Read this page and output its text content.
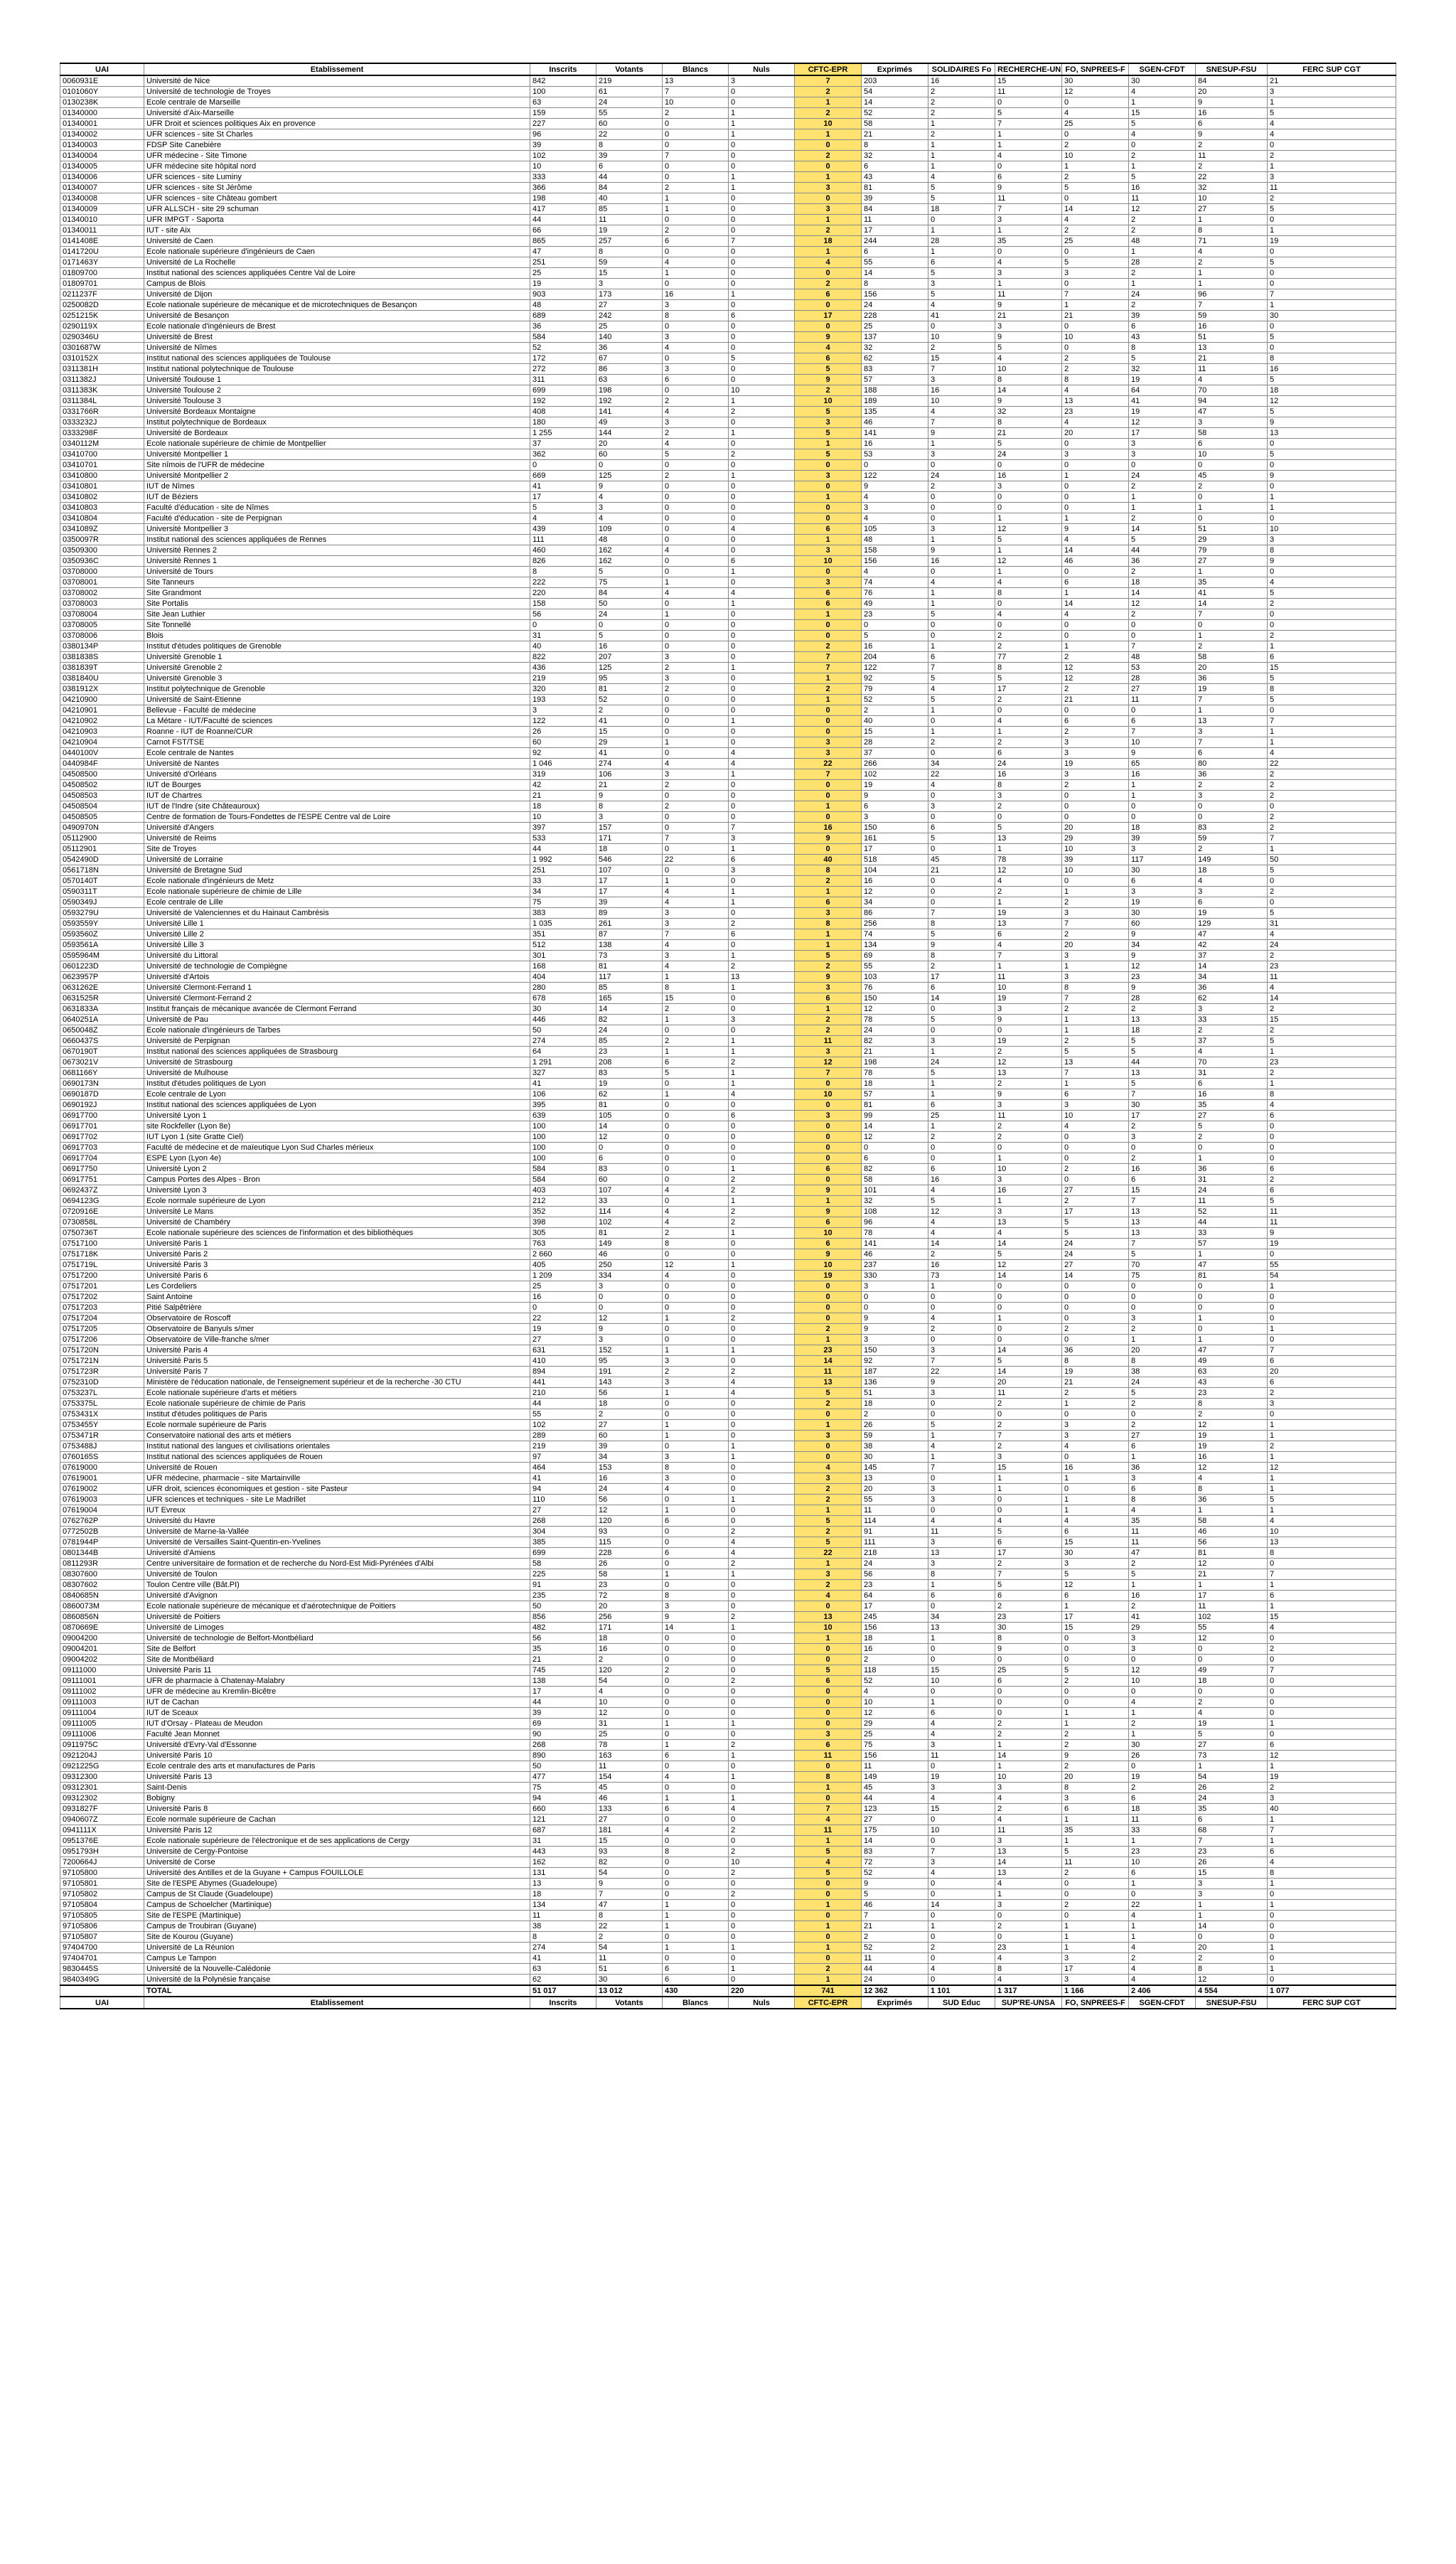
UAI	Etablissement	Inscrits	Votants	Blancs	Nuls	CFTC-EPR	Exprimés	SOLIDAIRES Fo	RECHERCHE-UN	FO, SNPREES-F	SGEN-CFDT	SNESUP-FSU	FERC SUP CGT
0060931E	Université de Nice	842	219	13	3	7	203	16	15	30	30	84	21
0101060Y	Université de technologie de Troyes	100	61	7	0	2	54	2	11	12	4	20	3
0130238K	Ecole centrale de Marseille	63	24	10	0	1	14	2	0	0	1	9	1
01340000	Université d'Aix-Marseille	159	55	2	1	2	52	2	5	4	15	16	5
01340001	UFR Droit et sciences politiques Aix en provence	227	60	0	1	10	58	1	7	25	5	6	4
01340002	UFR sciences - site St Charles	96	22	0	1	1	21	2	1	0	4	9	4
01340003	FDSP Site Canebière	39	8	0	0	0	8	1	1	2	0	2	0
01340004	UFR médecine - Site Timone	102	39	7	0	2	32	1	4	10	2	11	2
01340005	UFR médecine site hôpital nord	10	6	0	0	0	6	1	0	1	1	2	1
01340006	UFR sciences - site Luminy	333	44	0	1	1	43	4	6	2	5	22	3
01340007	UFR sciences - site St Jérôme	366	84	2	1	3	81	5	9	5	16	32	11
01340008	UFR sciences - site Château gombert	198	40	1	0	0	39	5	11	0	11	10	2
01340009	UFR ALLSCH - site 29 schuman	417	85	1	0	3	84	18	7	14	12	27	5
01340010	UFR IMPGT - Saporta	44	11	0	0	1	11	0	3	4	2	1	0
01340011	IUT - site Aix	66	19	2	0	2	17	1	1	2	2	8	1
0141408E	Université de Caen	865	257	6	7	18	244	28	35	25	48	71	19
0141720U	Ecole nationale supérieure d'ingénieurs de Caen	47	8	0	0	1	6	1	0	0	1	4	0
0171463Y	Université de La Rochelle	251	59	4	0	4	55	6	4	5	28	2	5
01809700	Institut national des sciences appliquées Centre Val de Loire	25	15	1	0	0	14	5	3	3	2	1	0
01809701	Campus de Blois	19	3	0	0	2	8	3	1	0	1	1	0
0211237F	Université de Dijon	903	173	16	1	6	156	5	11	7	24	96	7
0250082D	Ecole nationale supérieure de mécanique et de microtechniques de Besançon	48	27	3	0	0	24	4	9	1	2	7	1
0251215K	Université de Besançon	689	242	8	6	17	228	41	21	21	39	59	30
0290119X	Ecole nationale d'ingénieurs de Brest	36	25	0	0	0	25	0	3	0	6	16	0
0290346U	Université de Brest	584	140	3	0	9	137	10	9	10	43	51	5
0301687W	Université de Nîmes	52	36	4	0	4	32	2	5	0	8	13	0
0310152X	Institut national des sciences appliquées de Toulouse	172	67	0	5	6	62	15	4	2	5	21	8
0311381H	Institut national polytechnique de Toulouse	272	86	3	0	5	83	7	10	2	32	11	16
0311382J	Université Toulouse 1	311	63	6	0	9	57	3	8	8	19	4	5
0311383K	Université Toulouse 2	699	198	0	10	2	188	16	14	4	64	70	18
0311384L	Université Toulouse 3	192	192	2	1	10	189	10	9	13	41	94	12
0331766R	Université Bordeaux Montaigne	408	141	4	2	5	135	4	32	23	19	47	5
0333232J	Institut polytechnique de Bordeaux	180	49	3	0	3	46	7	8	4	12	3	9
0333298F	Université de Bordeaux	1 255	144	2	1	5	141	9	21	20	17	58	13
0340112M	Ecole nationale supérieure de chimie de Montpellier	37	20	4	0	1	16	1	5	0	3	6	0
03410700	Université Montpellier 1	362	60	5	2	5	53	3	24	3	3	10	5
03410701	Site nîmois de l'UFR de médecine	0	0	0	0	0	0	0	0	0	0	0	0
03410800	Université Montpellier 2	669	125	2	1	3	122	24	16	1	24	45	9
03410801	IUT de Nîmes	41	9	0	0	0	9	2	3	0	2	2	0
03410802	IUT de Béziers	17	4	0	0	1	4	0	0	0	1	0	1
03410803	Faculté d'éducation - site de Nîmes	5	3	0	0	0	3	0	0	0	1	1	1
03410804	Faculté d'éducation - site de Perpignan	4	4	0	0	0	4	0	1	1	2	0	0
0341089Z	Université Montpellier 3	439	109	0	4	6	105	3	12	9	14	51	10
0350097R	Institut national des sciences appliquées de Rennes	111	48	0	0	1	48	1	5	4	5	29	3
03509300	Université Rennes 2	460	162	4	0	3	158	9	1	14	44	79	8
0350936C	Université Rennes 1	826	162	0	6	10	156	16	12	46	36	27	9
03708000	Université de Tours	8	5	0	1	0	4	0	1	0	2	1	0
03708001	Site Tanneurs	222	75	1	0	3	74	4	4	6	18	35	4
03708002	Site Grandmont	220	84	4	4	6	76	1	8	1	14	41	5
03708003	Site Portalis	158	50	0	1	6	49	1	0	14	12	14	2
03708004	Site Jean Luthier	56	24	1	0	1	23	5	4	4	2	7	0
03708005	Site Tonnellé	0	0	0	0	0	0	0	0	0	0	0	0
03708006	Blois	31	5	0	0	0	5	0	2	0	0	1	2
0380134P	Institut d'études politiques de Grenoble	40	16	0	0	2	16	1	2	1	7	2	1
0381838S	Université Grenoble 1	822	207	3	0	7	204	6	77	2	48	58	6
0381839T	Université Grenoble 2	436	125	2	1	7	122	7	8	12	53	20	15
0381840U	Université Grenoble 3	219	95	3	0	1	92	5	5	12	28	36	5
0381912X	Institut polytechnique de Grenoble	320	81	2	0	2	79	4	17	2	27	19	8
04210900	Université de Saint-Etienne	193	52	0	0	1	52	5	2	21	11	7	5
04210901	Bellevue - Faculté de médecine	3	2	0	0	0	2	1	0	0	0	1	0
04210902	La Métare - IUT/Faculté de sciences	122	41	0	1	0	40	0	4	6	6	13	7
04210903	Roanne - IUT de Roanne/CUR	26	15	0	0	0	15	1	1	2	7	3	1
04210904	Carnot FST/TSE	60	29	1	0	3	28	2	2	3	10	7	1
0440100V	Ecole centrale de Nantes	92	41	0	4	3	37	0	6	3	9	6	4
0440984F	Université de Nantes	1 046	274	4	4	22	266	34	24	19	65	80	22
04508500	Université d'Orléans	319	106	3	1	7	102	22	16	3	16	36	2
04508502	IUT de Bourges	42	21	2	0	0	19	4	8	2	1	2	2
04508503	IUT de Chartres	21	9	0	0	0	9	0	3	0	1	3	2
04508504	IUT de l'Indre (site Châteauroux)	18	8	2	0	1	6	3	2	0	0	0	0
04508505	Centre de formation de Tours-Fondettes de l'ESPE Centre val de Loire	10	3	0	0	0	3	0	0	0	0	0	2
0490970N	Université d'Angers	397	157	0	7	16	150	6	5	20	18	83	2
05112900	Université de Reims	533	171	7	3	9	161	5	13	29	39	59	7
05112901	Site de Troyes	44	18	0	1	0	17	0	1	10	3	2	1
0542490D	Université de Lorraine	1 992	546	22	6	40	518	45	78	39	117	149	50
0561718N	Université de Bretagne Sud	251	107	0	3	8	104	21	12	10	30	18	5
0570140T	Ecole nationale d'ingénieurs de Metz	33	17	1	0	2	16	0	4	0	6	4	0
0590311T	Ecole nationale supérieure de chimie de Lille	34	17	4	1	1	12	0	2	1	3	3	2
0590349J	Ecole centrale de Lille	75	39	4	1	6	34	0	1	2	19	6	0
0593279U	Université de Valenciennes et du Hainaut Cambrésis	383	89	3	0	3	86	7	19	3	30	19	5
0593559Y	Université Lille 1	1 035	261	3	2	8	256	8	13	7	60	129	31
0593560Z	Université Lille 2	351	87	7	6	1	74	5	6	2	9	47	4
0593561A	Université Lille 3	512	138	4	0	1	134	9	4	20	34	42	24
0595964M	Université du Littoral	301	73	3	1	5	69	8	7	3	9	37	2
0601223D	Université de technologie de Compiègne	168	81	4	2	2	55	2	1	1	12	14	23
0623957P	Université d'Artois	404	117	1	13	9	103	17	11	3	23	34	11
0631262E	Université Clermont-Ferrand 1	280	85	8	1	3	76	6	10	8	9	36	4
0631525R	Université Clermont-Ferrand 2	678	165	15	0	6	150	14	19	7	28	62	14
0631833A	Institut français de mécanique avancée de Clermont Ferrand	30	14	2	0	1	12	0	3	2	2	3	2
0640251A	Université de Pau	446	82	1	3	2	78	5	9	1	13	33	15
0650048Z	Ecole nationale d'ingénieurs de Tarbes	50	24	0	0	2	24	0	0	1	18	2	2
0660437S	Université de Perpignan	274	85	2	1	11	82	3	19	2	5	37	5
0670190T	Institut national des sciences appliquées de Strasbourg	64	23	1	1	3	21	1	2	5	5	4	1
0673021V	Université de Strasbourg	1 291	208	6	2	12	198	24	12	13	44	70	23
0681166Y	Université de Mulhouse	327	83	5	1	7	78	5	13	7	13	31	2
0690173N	Institut d'études politiques de Lyon	41	19	0	1	0	18	1	2	1	5	6	1
0690187D	Ecole centrale de Lyon	106	62	1	4	10	57	1	9	6	7	16	8
0690192J	Institut national des sciences appliquées de Lyon	395	81	0	0	0	81	6	3	3	30	35	4
06917700	Université Lyon 1	639	105	0	6	3	99	25	11	10	17	27	6
06917701	site Rockfeller (Lyon 8e)	100	14	0	0	0	14	1	2	4	2	5	0
06917702	IUT Lyon 1 (site Gratte Ciel)	100	12	0	0	0	12	2	2	0	3	2	0
06917703	Faculté de médecine et de maïeutique Lyon Sud Charles mérieux	100	0	0	0	0	0	0	0	0	0	0	0
06917704	ESPE Lyon (Lyon 4e)	100	6	0	0	0	6	0	1	0	2	1	0
06917750	Université Lyon 2	584	83	0	1	6	82	6	10	2	16	36	6
06917751	Campus Portes des Alpes - Bron	584	60	0	2	0	58	16	3	0	6	31	2
0692437Z	Université Lyon 3	403	107	4	2	9	101	4	16	27	15	24	6
0694123G	Ecole normale supérieure de Lyon	212	33	0	1	1	32	5	1	2	7	11	5
0720916E	Université Le Mans	352	114	4	2	9	108	12	3	17	13	52	11
0730858L	Université de Chambéry	398	102	4	2	6	96	4	13	5	13	44	11
0750736T	Ecole nationale supérieure des sciences de l'information et des bibliothèques	305	81	2	1	10	78	4	4	5	13	33	9
07517100	Université Paris 1	763	149	8	0	6	141	14	14	24	7	57	19
0751718K	Université Paris 2	2 660	46	0	0	9	46	2	5	24	5	1	0
0751719L	Université Paris 3	405	250	12	1	10	237	16	12	27	70	47	55
07517200	Université Paris 6	1 209	334	4	0	19	330	73	14	14	75	81	54
07517201	Les Cordeliers	25	3	0	0	0	3	1	0	0	0	0	1
07517202	Saint Antoine	16	0	0	0	0	0	0	0	0	0	0	0
07517203	Pitié Salpêtrière	0	0	0	0	0	0	0	0	0	0	0	0
07517204	Observatoire de Roscoff	22	12	1	2	0	9	4	1	0	3	1	0
07517205	Observatoire de Banyuls s/mer	19	9	0	0	2	9	2	0	2	2	0	1
07517206	Observatoire de Ville-franche s/mer	27	3	0	0	1	3	0	0	0	1	1	0
0751720N	Université Paris 4	631	152	1	1	23	150	3	14	36	20	47	7
0751721N	Université Paris 5	410	95	3	0	14	92	7	5	8	8	49	6
0751723R	Université Paris 7	894	191	2	2	11	187	22	14	19	38	63	20
0752310D	Ministère de l'éducation nationale, de l'enseignement supérieur et de la recherche -30 CTU	441	143	3	4	13	136	9	20	21	24	43	6
0753237L	Ecole nationale supérieure d'arts et métiers	210	56	1	4	5	51	3	11	2	5	23	2
0753375L	Ecole nationale supérieure de chimie de Paris	44	18	0	0	2	18	0	2	1	2	8	3
0753431X	Institut d'études politiques de Paris	55	2	0	0	0	2	0	0	0	0	2	0
0753455Y	Ecole normale supérieure de Paris	102	27	1	0	1	26	5	2	3	2	12	1
0753471R	Conservatoire national des arts et métiers	289	60	1	0	3	59	1	7	3	27	19	1
0753488J	Institut national des langues et civilisations orientales	219	39	0	1	0	38	4	2	4	6	19	2
0760165S	Institut national des sciences appliquées de Rouen	97	34	3	1	0	30	1	3	0	1	16	1
07619000	Université de Rouen	464	153	8	0	4	145	7	15	16	36	12	12
07619001	UFR médecine, pharmacie - site Martainville	41	16	3	0	3	13	0	1	1	3	4	1
07619002	UFR droit, sciences économiques et gestion - site Pasteur	94	24	4	0	2	20	3	1	0	6	8	1
07619003	UFR sciences et techniques - site Le Madrillet	110	56	0	1	2	55	3	0	1	8	36	5
07619004	IUT Evreux	27	12	1	0	1	11	0	0	1	4	1	1
0762762P	Université du Havre	268	120	6	0	5	114	4	4	4	35	58	4
0772502B	Université de Marne-la-Vallée	304	93	0	2	2	91	11	5	6	11	46	10
0781944P	Université de Versailles Saint-Quentin-en-Yvelines	385	115	0	4	5	111	3	6	15	11	56	13
0801344B	Université d'Amiens	699	228	6	4	22	218	13	17	30	47	81	8
0811293R	Centre universitaire de formation et de recherche du Nord-Est Midi-Pyrénées d'Albi	58	26	0	2	1	24	3	2	3	2	12	0
08307600	Université de Toulon	225	58	1	1	3	56	8	7	5	5	21	7
08307602	Toulon Centre ville (Bât.PI)	91	23	0	0	2	23	1	5	12	1	1	1
0840685N	Université d'Avignon	235	72	8	0	4	64	6	6	6	16	17	6
0860073M	Ecole nationale supérieure de mécanique et d'aérotechnique de Poitiers	50	20	3	0	0	17	0	2	1	2	11	1
0860856N	Université de Poitiers	856	256	9	2	13	245	34	23	17	41	102	15
0870669E	Université de Limoges	482	171	14	1	10	156	13	30	15	29	55	4
09004200	Université de technologie de Belfort-Montbéliard	56	18	0	0	1	18	1	8	0	3	12	0
09004201	Site de Belfort	35	16	0	0	0	16	0	9	0	3	0	2
09004202	Site de Montbéliard	21	2	0	0	0	2	0	0	0	0	0	0
09111000	Université Paris 11	745	120	2	0	5	118	15	25	5	12	49	7
09111001	UFR de pharmacie à Chatenay-Malabry	138	54	0	2	6	52	10	6	2	10	18	0
09111002	UFR de médecine au Kremlin-Bicêtre	17	4	0	0	0	4	0	0	0	0	0	0
09111003	IUT de Cachan	44	10	0	0	0	10	1	0	0	4	2	0
09111004	IUT de Sceaux	39	12	0	0	0	12	6	0	1	1	4	0
09111005	IUT d'Orsay - Plateau de Meudon	69	31	1	1	0	29	4	2	1	2	19	1
09111006	Faculté Jean Monnet	90	25	0	0	3	25	4	2	2	1	5	0
0911975C	Université d'Evry-Val d'Essonne	268	78	1	2	6	75	3	1	2	30	27	6
0921204J	Université Paris 10	890	163	6	1	11	156	11	14	9	26	73	12
0921225G	Ecole centrale des arts et manufactures de Paris	50	11	0	0	0	11	0	1	2	0	1	1
09312300	Université Paris 13	477	154	4	1	8	149	19	10	20	19	54	19
09312301	Saint-Denis	75	45	0	0	1	45	3	3	8	2	26	2
09312302	Bobigny	94	46	1	1	0	44	4	4	3	6	24	3
0931827F	Université Paris 8	660	133	6	4	7	123	15	2	6	18	35	40
0940607Z	Ecole normale supérieure de Cachan	121	27	0	0	4	27	0	4	1	11	6	1
0941111X	Université Paris 12	687	181	4	2	11	175	10	11	35	33	68	7
0951376E	Ecole nationale supérieure de l'électronique et de ses applications de Cergy	31	15	0	0	1	14	0	3	1	1	7	1
0951793H	Université de Cergy-Pontoise	443	93	8	2	5	83	7	13	5	23	23	6
7200664J	Université de Corse	162	82	0	10	4	72	3	14	11	10	26	4
97105800	Université des Antilles et de la Guyane + Campus FOUILLOLE	131	54	0	2	5	52	4	13	2	6	15	8
97105801	Site de l'ESPE Abymes (Guadeloupe)	13	9	0	0	0	9	0	4	0	1	3	1
97105802	Campus de St Claude (Guadeloupe)	18	7	0	2	0	5	0	1	0	0	3	0
97105804	Campus de Schoelcher (Martinique)	134	47	1	0	1	46	14	3	2	22	1	1
97105805	Site de l'ESPE (Martinique)	11	8	1	0	0	7	0	0	0	4	1	0
97105806	Campus de Troubiran (Guyane)	38	22	1	0	1	21	1	2	1	1	14	0
97105807	Site de Kourou (Guyane)	8	2	0	0	0	2	0	0	1	1	0	0
97404700	Université de La Réunion	274	54	1	1	1	52	2	23	1	4	20	1
97404701	Campus Le Tampon	41	11	0	0	0	11	0	4	3	2	2	0
9830445S	Université de la Nouvelle-Calédonie	63	51	6	1	2	44	4	8	17	4	8	1
9840349G	Université de la Polynésie française	62	30	6	0	1	24	0	4	3	4	12	0
	TOTAL	51 017	13 012	430	220	741	12 362	1 101	1 317	1 166	2 406	4 554	1 077
UAI	Etablissement	Inscrits	Votants	Blancs	Nuls	CFTC-EPR	Exprimés	SUD Educ	SUP'RE-UNSA	FO, SNPREES-F	SGEN-CFDT	SNESUP-FSU	FERC SUP CGT
